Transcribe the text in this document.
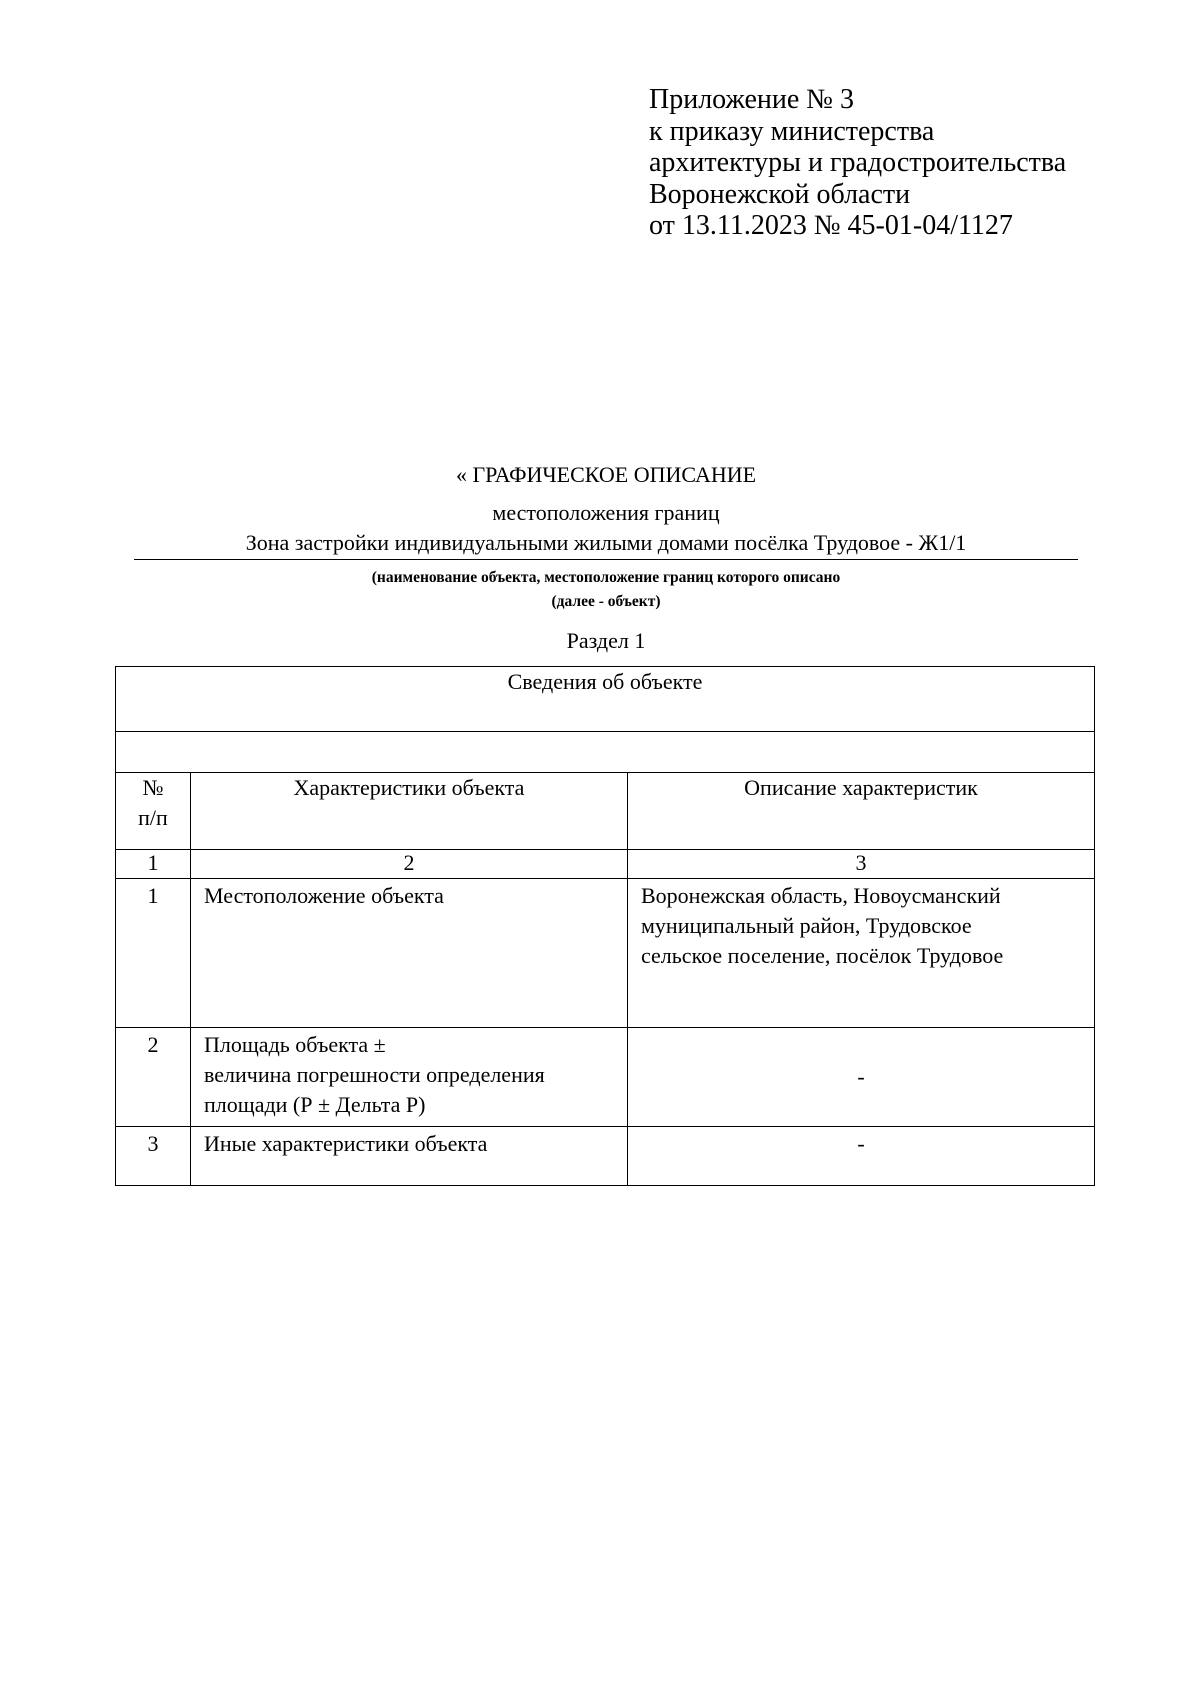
Приложение № 3
к приказу министерства
архитектуры и градостроительства
Воронежской области
от 13.11.2023 № 45-01-04/1127
« ГРАФИЧЕСКОЕ ОПИСАНИЕ
местоположения границ
Зона застройки индивидуальными жилыми домами посёлка Трудовое - Ж1/1
(наименование объекта, местоположение границ которого описано
(далее - объект)
Раздел 1
Сведения об объекте		

№
п/п	Характеристики объекта	Описание характеристик
1	2	3
1	Местоположение объекта	Воронежская область, Новоусманский
муниципальный район, Трудовское
сельское поселение, посёлок Трудовое

2	Площадь объекта ±
величина погрешности определения
площади (Р ± Дельта Р)	-
3	Иные характеристики объекта	-
